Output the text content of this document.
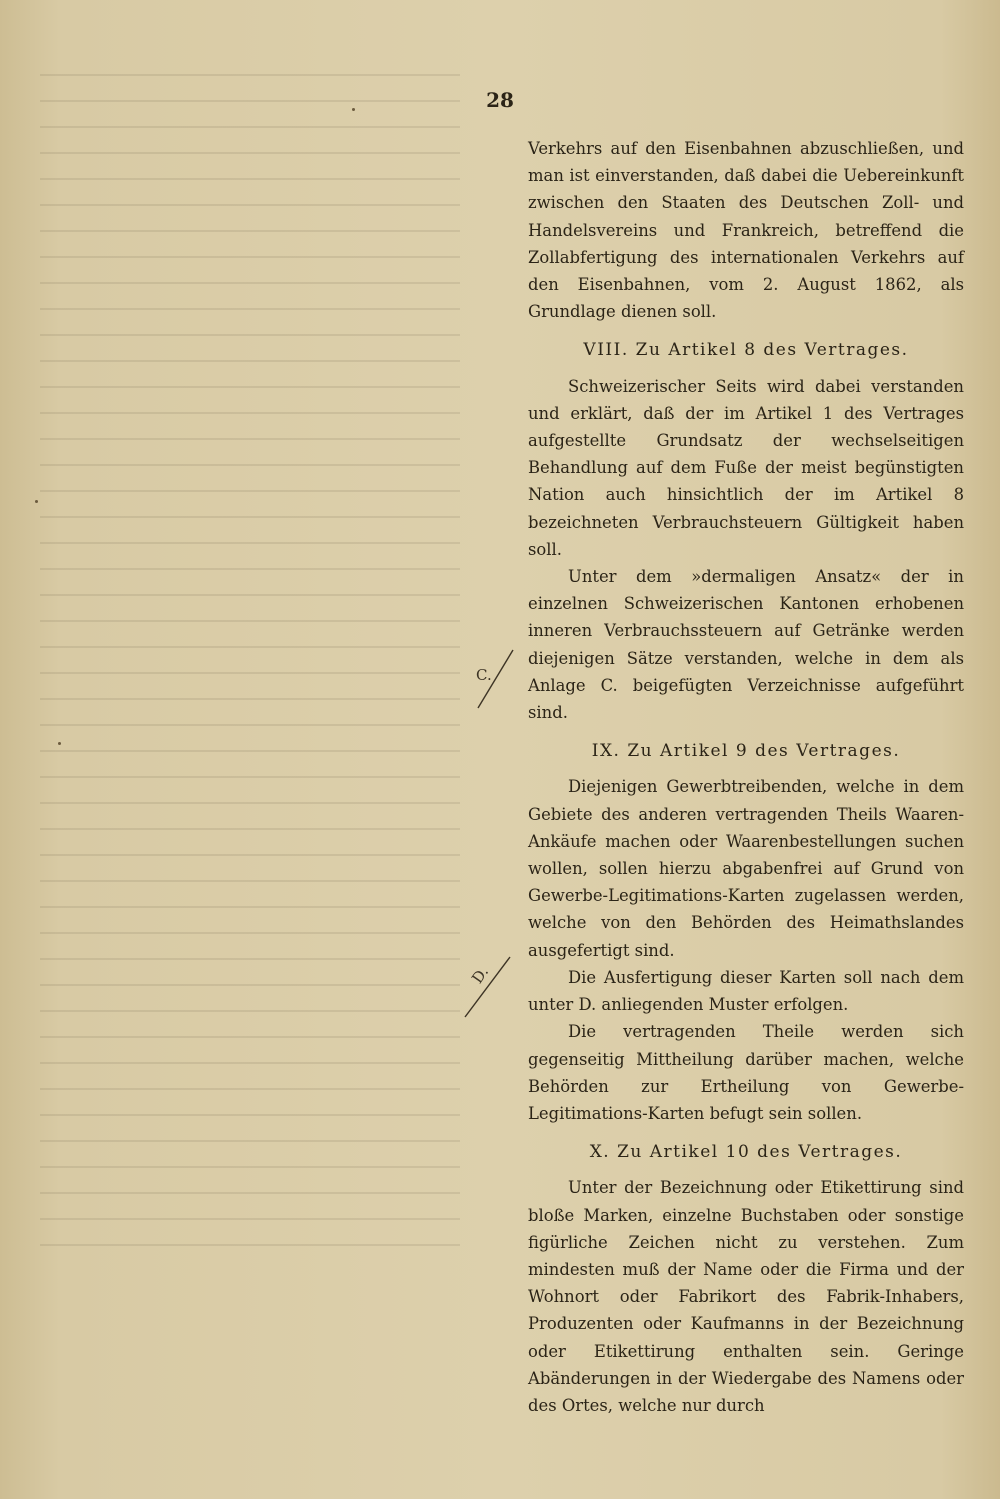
28

Verkehrs auf den Eisenbahnen abzuschließen, und man ist einverstanden, daß dabei die Uebereinkunft zwischen den Staaten des Deutschen Zoll- und Handelsvereins und Frankreich, betreffend die Zollabfertigung des internationalen Verkehrs auf den Eisenbahnen, vom 2. August 1862, als Grundlage dienen soll.

VIII. Zu Artikel 8 des Vertrages.

Schweizerischer Seits wird dabei verstanden und erklärt, daß der im Artikel 1 des Vertrages aufgestellte Grundsatz der wechselseitigen Behandlung auf dem Fuße der meist begünstigten Nation auch hinsichtlich der im Artikel 8 bezeichneten Verbrauchsteuern Gültigkeit haben soll.

Unter dem »dermaligen Ansatz« der in einzelnen Schweizerischen Kantonen erhobenen inneren Verbrauchssteuern auf Getränke werden diejenigen Sätze verstanden, welche in dem als Anlage C. beigefügten Verzeichnisse aufgeführt sind.

IX. Zu Artikel 9 des Vertrages.

Diejenigen Gewerbtreibenden, welche in dem Gebiete des anderen vertragenden Theils Waaren-Ankäufe machen oder Waarenbestellungen suchen wollen, sollen hierzu abgabenfrei auf Grund von Gewerbe-Legitimations-Karten zugelassen werden, welche von den Behörden des Heimathslandes ausgefertigt sind.

Die Ausfertigung dieser Karten soll nach dem unter D. anliegenden Muster erfolgen.

Die vertragenden Theile werden sich gegenseitig Mittheilung darüber machen, welche Behörden zur Ertheilung von Gewerbe-Legitimations-Karten befugt sein sollen.

X. Zu Artikel 10 des Vertrages.

Unter der Bezeichnung oder Etikettirung sind bloße Marken, einzelne Buchstaben oder sonstige figürliche Zeichen nicht zu verstehen. Zum mindesten muß der Name oder die Firma und der Wohnort oder Fabrikort des Fabrik-Inhabers, Produzenten oder Kaufmanns in der Bezeichnung oder Etikettirung enthalten sein. Geringe Abänderungen in der Wiedergabe des Namens oder des Ortes, welche nur durch

C.
D.
